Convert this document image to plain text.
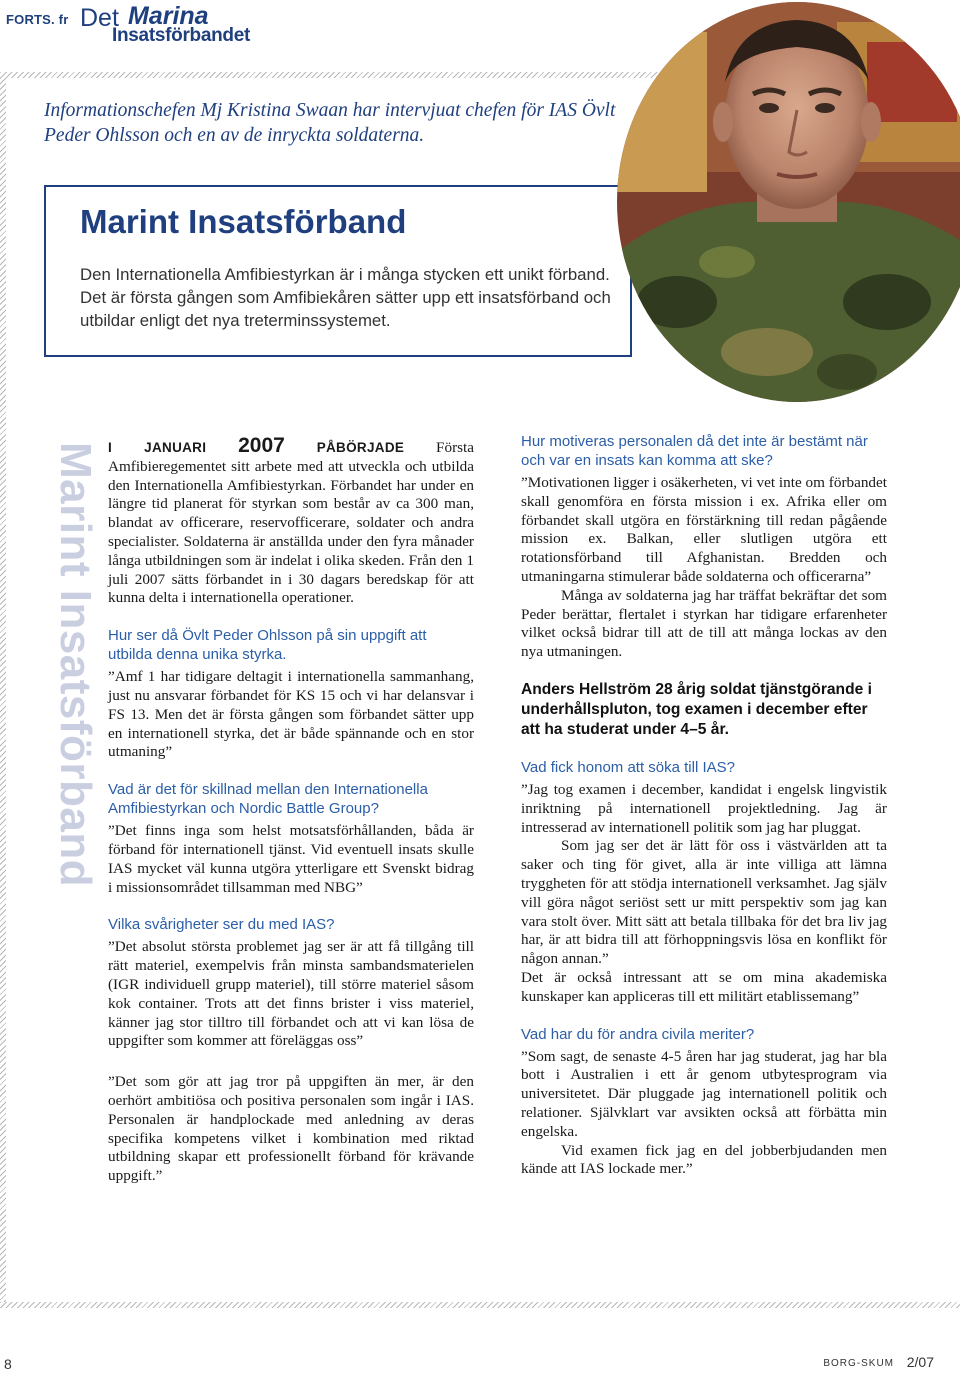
FORTS. fr Det Marina
Insatsförbandet
Informationschefen Mj Kristina Swaan har intervjuat chefen för IAS Övlt Peder Ohlsson och en av de inryckta soldaterna.
Marint Insatsförband
Den Internationella Amfibiestyrkan är i många stycken ett unikt förband. Det är första gången som Amfibiekåren sätter upp ett insatsförband och utbildar enligt det nya treterminssystemet.
Marint Insatsförband I JANUARI 2007 PÅBÖRJADE Första Amfibieregementet sitt arbete med att utveckla och utbilda den Internationella Amfibiestyrkan. Förbandet har under en längre tid planerat för styrkan som består av ca 300 man, blandat av officerare, reservofficerare, soldater och andra specialister. Soldaterna är anställda under den fyra månader långa utbildningen som är indelat i olika skeden. Från den 1 juli 2007 sätts förbandet in i 30 dagars beredskap för att kunna delta i internationella operationer.

Hur ser då Övlt Peder Ohlsson på sin uppgift att utbilda denna unika styrka.

”Amf 1 har tidigare deltagit i internationella sammanhang, just nu ansvarar förbandet för KS 15 och vi har delansvar i FS 13. Men det är första gången som förbandet sätter upp en internationell styrka, det är både spännande och en stor utmaning”

Vad är det för skillnad mellan den Internationella Amfibiestyrkan och Nordic Battle Group?

”Det finns inga som helst motsatsförhållanden, båda är förband för internationell tjänst. Vid eventuell insats skulle IAS mycket väl kunna utgöra ytterligare ett Svenskt bidrag i missionsområdet tillsamman med NBG”

Vilka svårigheter ser du med IAS?

”Det absolut största problemet jag ser är att få tillgång till rätt materiel, exempelvis från minsta sambandsmaterielen (IGR individuell grupp materiel), till större materiel såsom kok container. Trots att det finns brister i viss materiel, känner jag stor tilltro till förbandet och att vi kan lösa de uppgifter som kommer att föreläggas oss”

”Det som gör att jag tror på uppgiften än mer, är den oerhört ambitiösa och positiva personalen som ingår i IAS. Personalen är handplockade med anledning av deras specifika kompetens vilket i kombination med riktad utbildning skapar ett professionellt förband för krävande uppgift.”

Hur motiveras personalen då det inte är bestämt när och var en insats kan komma att ske?

”Motivationen ligger i osäkerheten, vi vet inte om förbandet skall genomföra en första mission i ex. Afrika eller om förbandet skall utgöra en förstärkning till redan pågående mission ex. Balkan, eller slutligen utgöra ett rotationsförband till Afghanistan. Bredden och utmaningarna stimulerar både soldaterna och officerarna”

Många av soldaterna jag har träffat bekräftar det som Peder berättar, flertalet i styrkan har tidigare erfarenheter vilket också bidrar till att de till att många lockas av den nya utmaningen.

Anders Hellström 28 årig soldat tjänstgörande i underhållspluton, tog examen i december efter att ha studerat under 4–5 år.

Vad fick honom att söka till IAS?

”Jag tog examen i december, kandidat i engelsk lingvistik inriktning på internationell projektledning. Jag är intresserad av internationell politik som jag har pluggat.

Som jag ser det är lätt för oss i västvärlden att ta saker och ting för givet, alla är inte villiga att lämna tryggheten för att stödja internationell verksamhet. Jag själv vill göra något seriöst sett ur mitt perspektiv som jag kan vara stolt över. Mitt sätt att betala tillbaka för det bra liv jag har, är att bidra till att förhoppningsvis lösa en konflikt för någon annan.”

Det är också intressant att se om mina akademiska kunskaper kan appliceras till ett militärt etablissemang”

Vad har du för andra civila meriter?

”Som sagt, de senaste 4-5 åren har jag studerat, jag har bla bott i Australien i ett år genom utbytesprogram via universitetet. Där pluggade jag internationell politik och relationer. Självklart var avsikten också att förbätta min engelska.

Vid examen fick jag en del jobberbjudanden men kände att IAS lockade mer.”

8	BORG-SKUM 2/07
